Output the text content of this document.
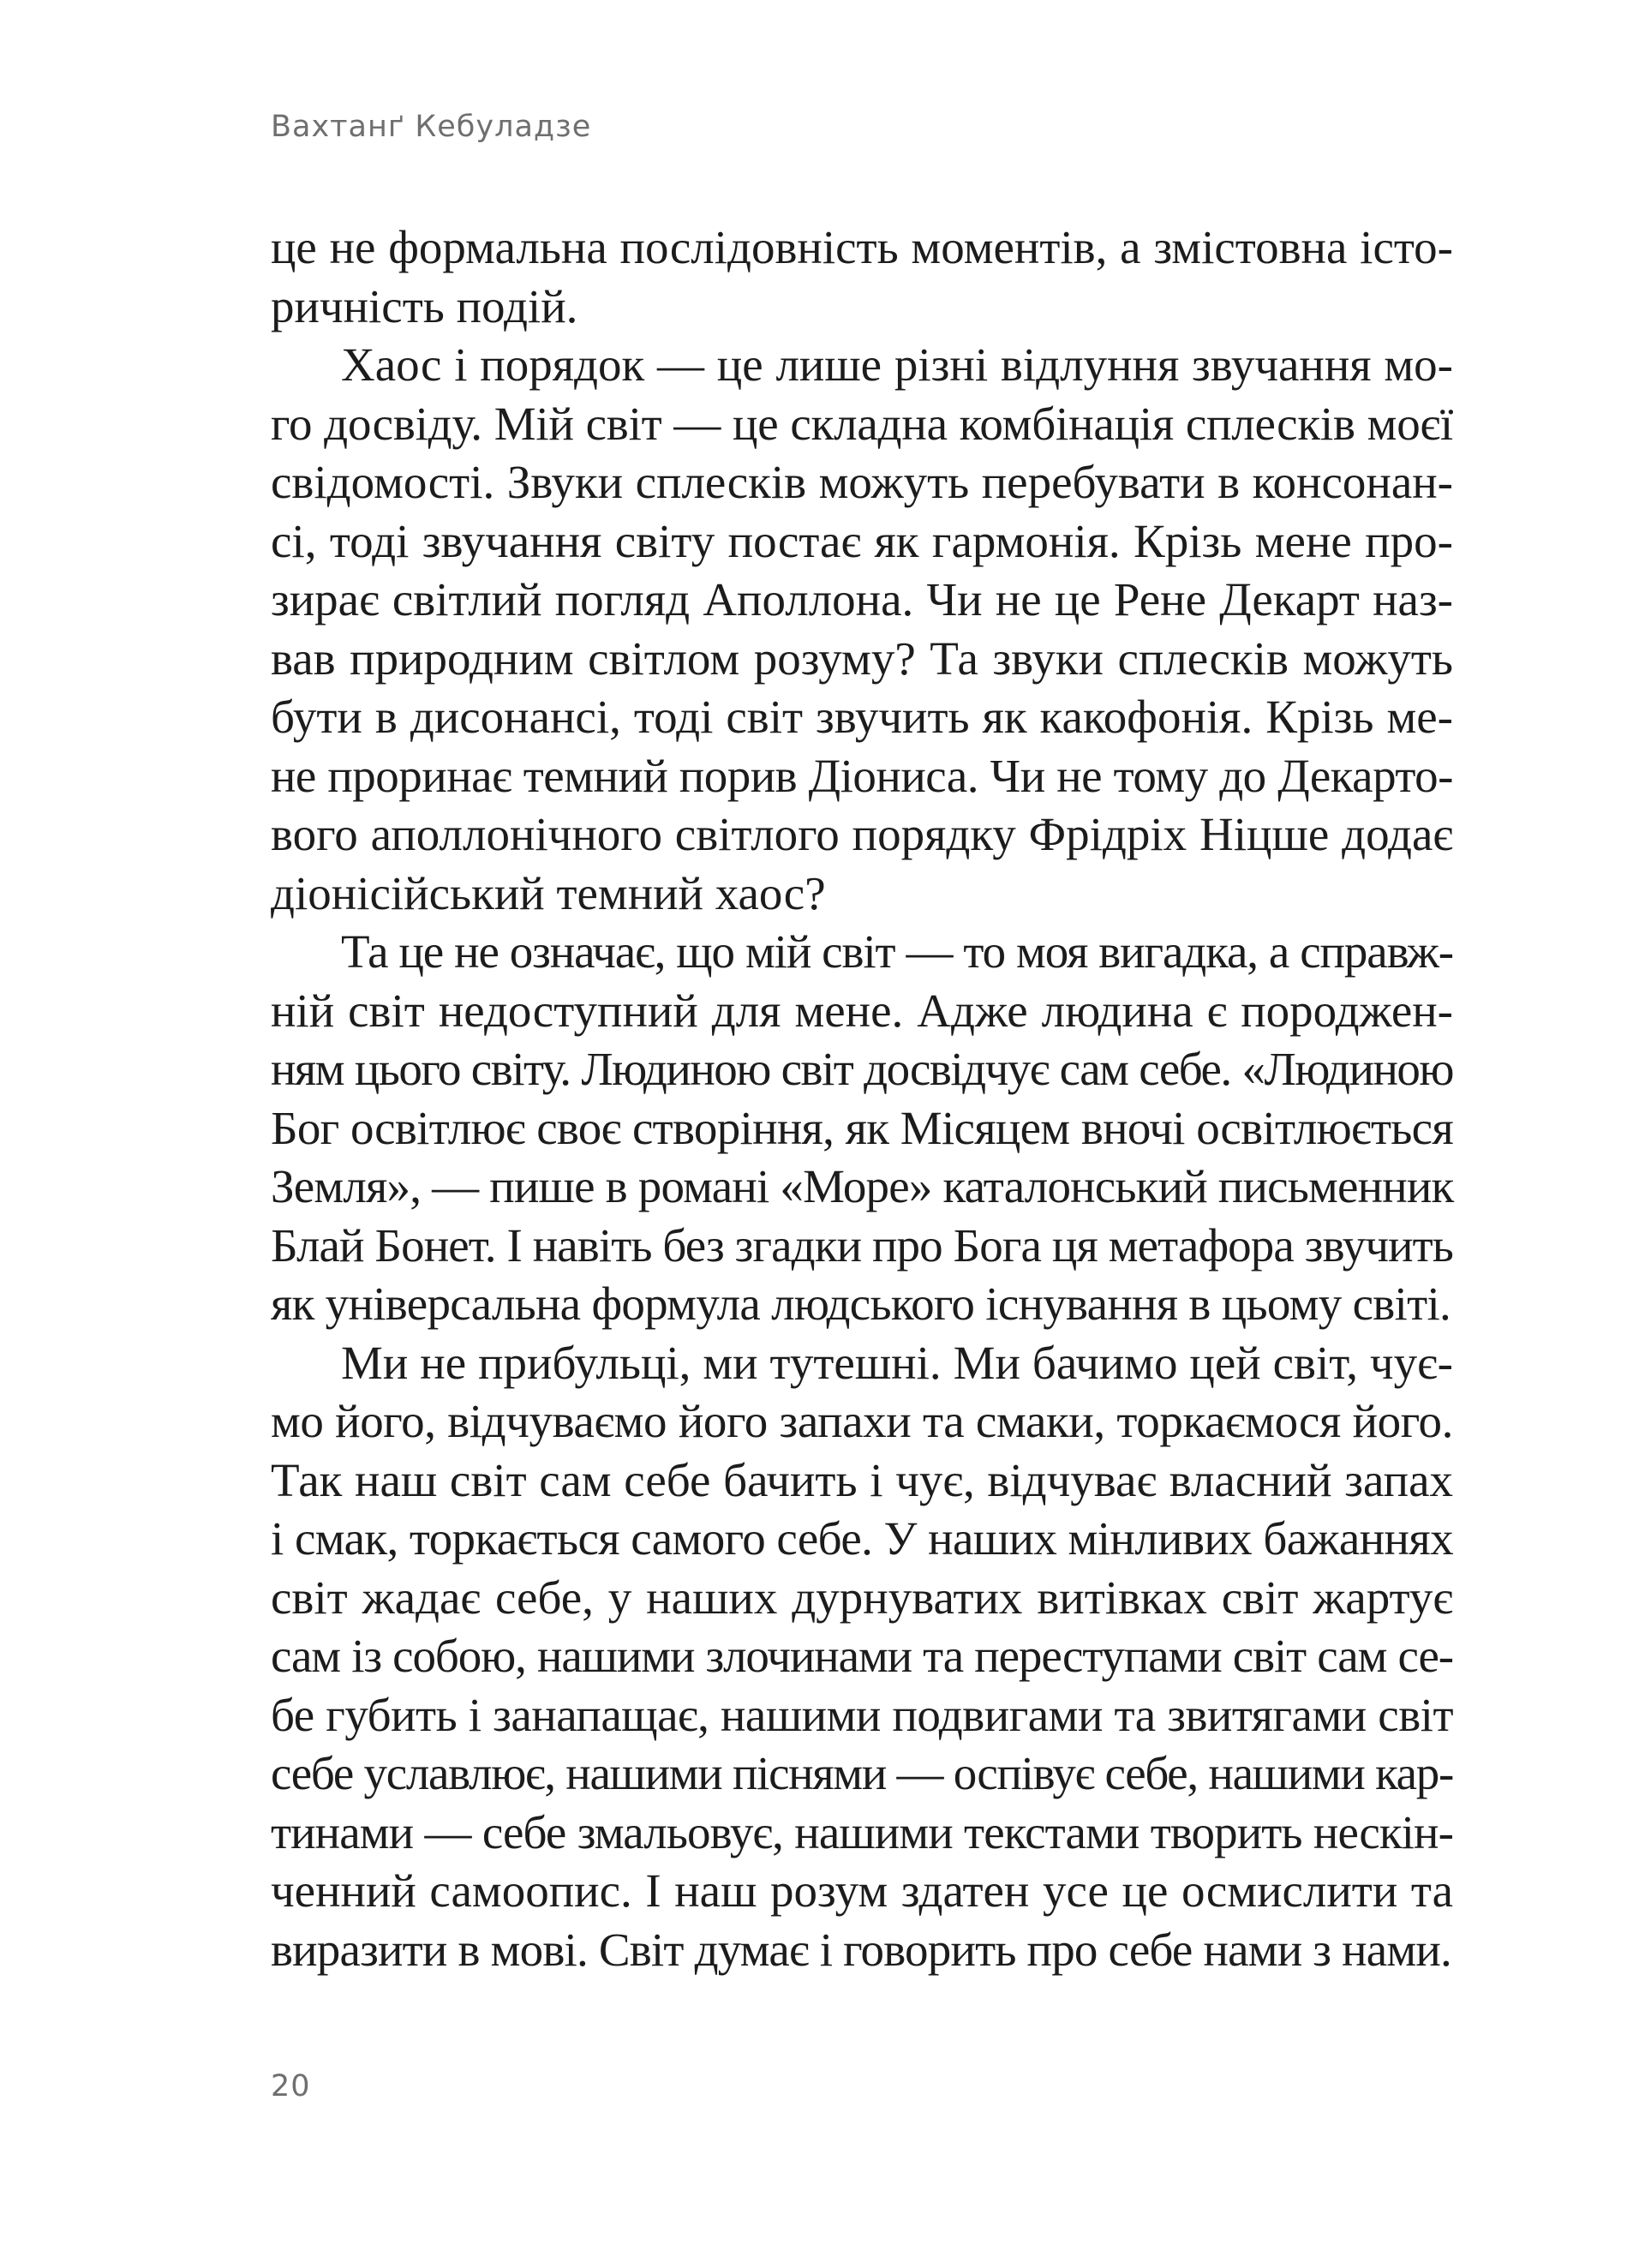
Вахтанґ Кебуладзе
це не формальна послідовність моментів, а змістовна істо-
ричність подій.
Хаос і порядок — це лише різні відлуння звучання мо-
го досвіду. Мій світ — це складна комбінація сплесків моєї
свідомості. Звуки сплесків можуть перебувати в консонан-
сі, тоді звучання світу постає як гармонія. Крізь мене про-
зирає світлий погляд Аполлона. Чи не це Рене Декарт наз-
вав природним світлом розуму? Та звуки сплесків можуть
бути в дисонансі, тоді світ звучить як какофонія. Крізь ме-
не проринає темний порив Діониса. Чи не тому до Декарто-
вого аполлонічного світлого порядку Фрідріх Ніцше додає
діонісійський темний хаос?
Та це не означає, що мій світ — то моя вигадка, а справж-
ній світ недоступний для мене. Адже людина є породжен-
ням цього світу. Людиною світ досвідчує сам себе. «Людиною
Бог освітлює своє створіння, як Місяцем вночі освітлюється
Земля», — пише в романі «Море» каталонський письменник
Блай Бонет. І навіть без згадки про Бога ця метафора звучить
як універсальна формула людського існування в цьому світі.
Ми не прибульці, ми тутешні. Ми бачимо цей світ, чує-
мо його, відчуваємо його запахи та смаки, торкаємося його.
Так наш світ сам себе бачить і чує, відчуває власний запах
і смак, торкається самого себе. У наших мінливих бажаннях
світ жадає себе, у наших дурнуватих витівках світ жартує
сам із собою, нашими злочинами та переступами світ сам се-
бе губить і занапащає, нашими подвигами та звитягами світ
себе уславлює, нашими піснями — оспівує себе, нашими кар-
тинами — себе змальовує, нашими текстами творить нескін-
ченний самоопис. І наш розум здатен усе це осмислити та
виразити в мові. Світ думає і говорить про себе нами з нами.
20
